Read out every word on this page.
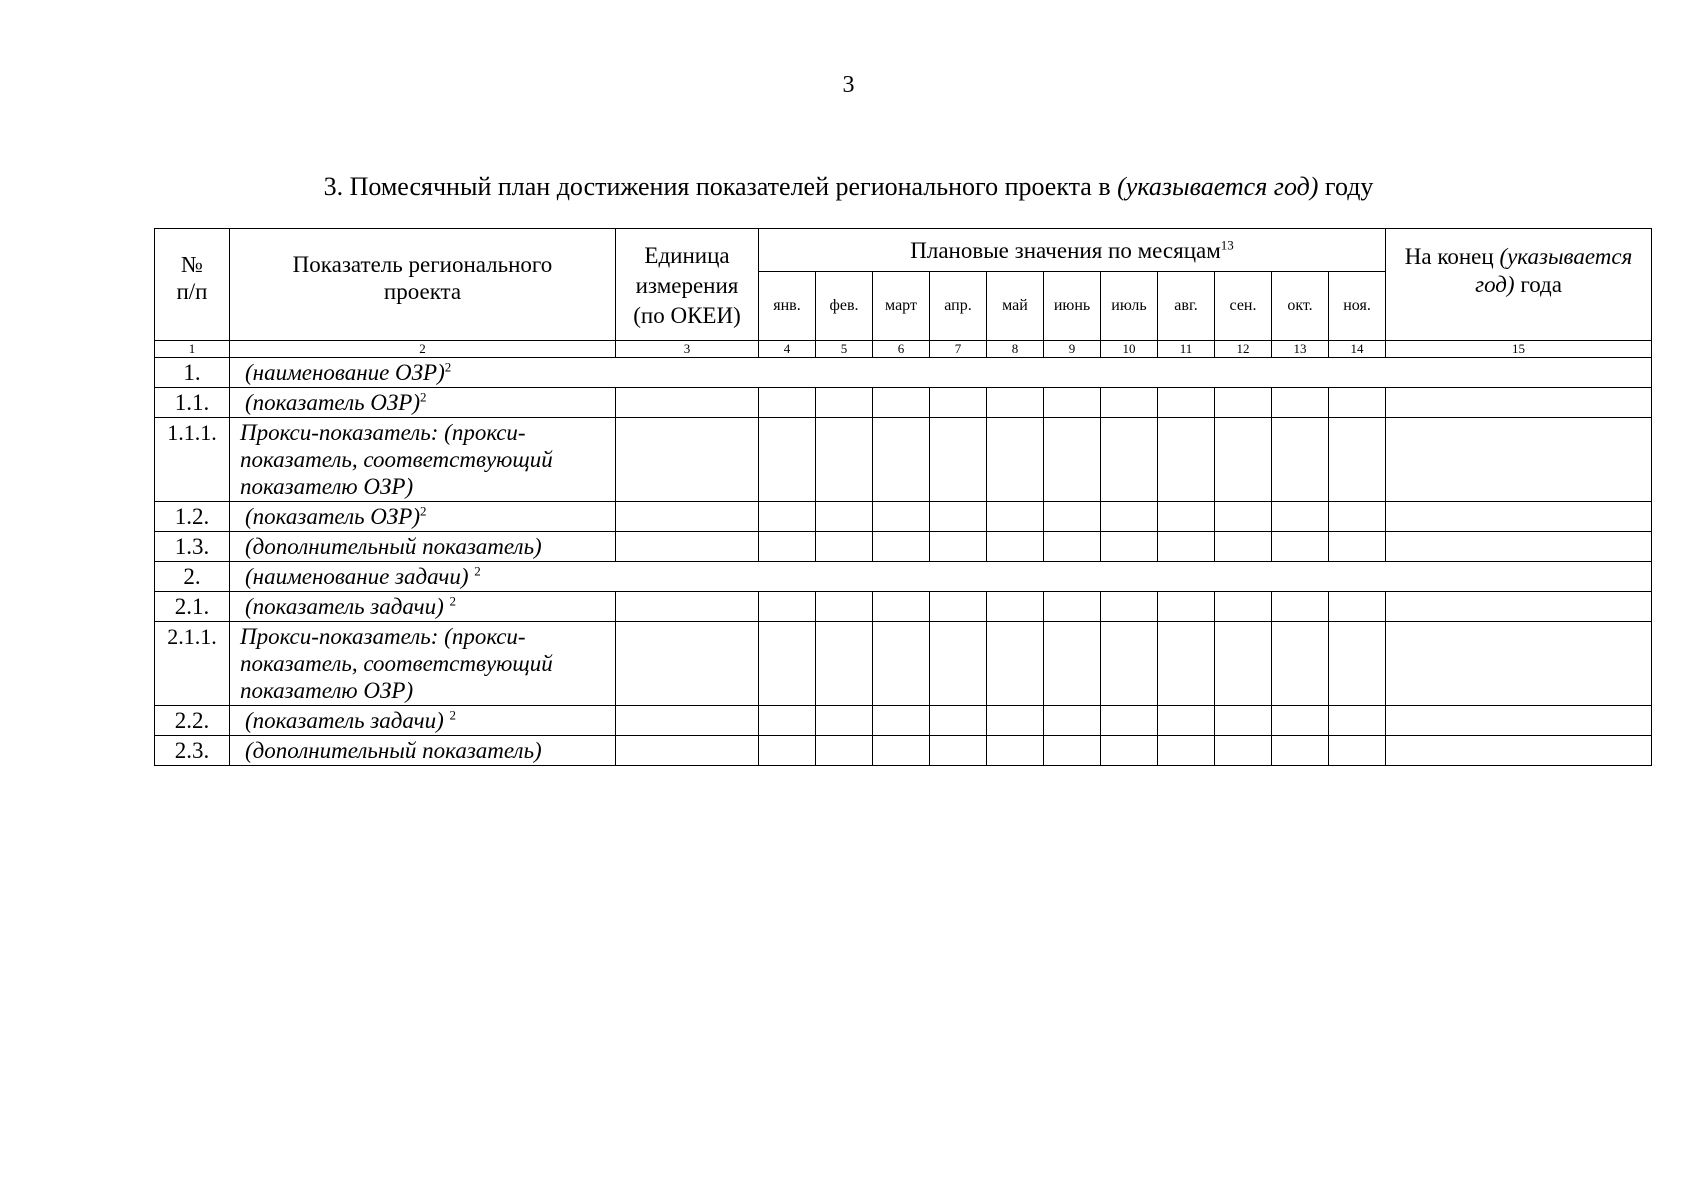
3
3. Помесячный план достижения показателей регионального проекта в (указывается год) году
№
п/п	Показатель регионального проекта	Единица измерения (по ОКЕИ)	Плановые значения по месяцам$^{13}$											На конец (указывается год) года
			янв.	фев.	март	апр.	май	июнь	июль	авг.	сен.	окт.	ноя.	
1	2	3	4	5	6	7	8	9	10	11	12	13	14	15
1.	(наименование ОЗР)$^2$
1.1.	(показатель ОЗР)$^2$													
1.1.1.	Прокси-показатель: (прокси-показатель, соответствующий показателю ОЗР)													
1.2.	(показатель ОЗР)$^2$													
1.3.	(дополнительный показатель)													
2.	(наименование задачи) $^2$
2.1.	(показатель задачи) $^2$													
2.1.1.	Прокси-показатель: (прокси-показатель, соответствующий показателю ОЗР)													
2.2.	(показатель задачи) $^2$													
2.3.	(дополнительный показатель)													
